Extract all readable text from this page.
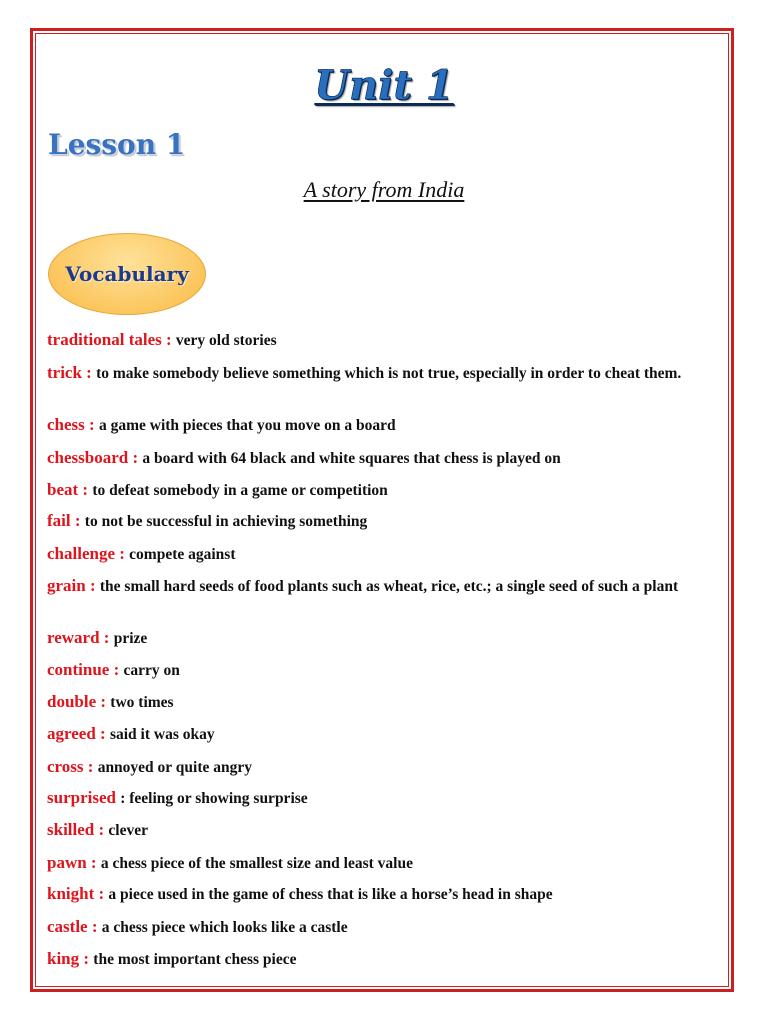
Unit 1
Lesson 1
A story from India
Vocabulary
traditional tales : very old stories
trick : to make somebody believe something which is not true, especially in order to cheat them.
chess : a game with pieces that you move on a board
chessboard : a board with 64 black and white squares that chess is played on
beat : to defeat somebody in a game or competition
fail : to not be successful in achieving something
challenge : compete against
grain : the small hard seeds of food plants such as wheat, rice, etc.; a single seed of such a plant
reward : prize
continue : carry on
double : two times
agreed : said it was okay
cross : annoyed or quite angry
surprised : feeling or showing surprise
skilled : clever
pawn : a chess piece of the smallest size and least value
knight : a piece used in the game of chess that is like a horse’s head in shape
castle : a chess piece which looks like a castle
king : the most important chess piece
